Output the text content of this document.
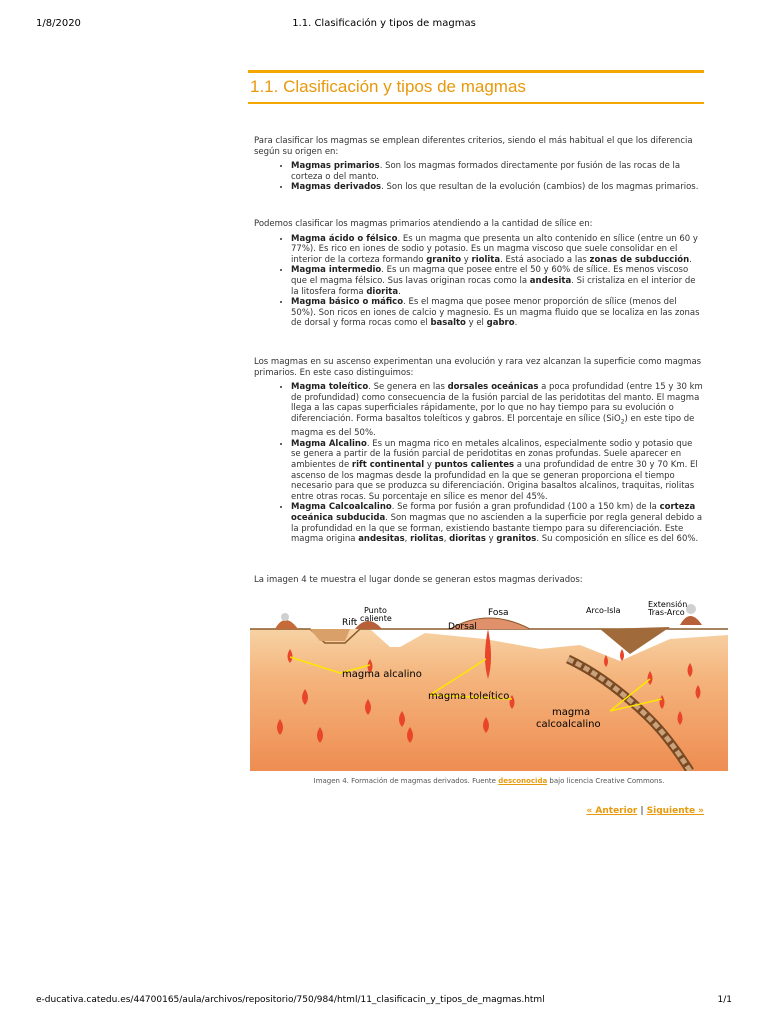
1/8/2020	1.1. Clasificación y tipos de magmas
1.1. Clasificación y tipos de magmas

Para clasificar los magmas se emplean diferentes criterios, siendo el más habitual el que los diferencia según su origen en:

• Magmas primarios. Son los magmas formados directamente por fusión de las rocas de la corteza o del manto.
• Magmas derivados. Son los que resultan de la evolución (cambios) de los magmas primarios.

Podemos clasificar los magmas primarios atendiendo a la cantidad de sílice en:

• Magma ácido o félsico. Es un magma que presenta un alto contenido en sílice (entre un 60 y 77%). Es rico en iones de sodio y potasio. Es un magma viscoso que suele consolidar en el interior de la corteza formando granito y riolita. Está asociado a las zonas de subducción.
• Magma intermedio. Es un magma que posee entre el 50 y 60% de sílice. Es menos viscoso que el magma félsico. Sus lavas originan rocas como la andesita. Si cristaliza en el interior de la litosfera forma diorita.
• Magma básico o máfico. Es el magma que posee menor proporción de sílice (menos del 50%). Son ricos en iones de calcio y magnesio. Es un magma fluido que se localiza en las zonas de dorsal y forma rocas como el basalto y el gabro.

Los magmas en su ascenso experimentan una evolución y rara vez alcanzan la superficie como magmas primarios. En este caso distinguimos:

• Magma toleítico. Se genera en las dorsales oceánicas a poca profundidad (entre 15 y 30 km de profundidad) como consecuencia de la fusión parcial de las peridotitas del manto. El magma llega a las capas superficiales rápidamente, por lo que no hay tiempo para su evolución o diferenciación. Forma basaltos toleíticos y gabros. El porcentaje en sílice (SiO$_2$) en este tipo de magma es del 50%.
• Magma Alcalino. Es un magma rico en metales alcalinos, especialmente sodio y potasio que se genera a partir de la fusión parcial de peridotitas en zonas profundas. Suele aparecer en ambientes de rift continental y puntos calientes a una profundidad de entre 30 y 70 Km. El ascenso de los magmas desde la profundidad en la que se generan proporciona el tiempo necesario para que se produzca su diferenciación. Origina basaltos alcalinos, traquitas, riolitas entre otras rocas. Su porcentaje en sílice es menor del 45%.
• Magma Calcoalcalino. Se forma por fusión a gran profundidad (100 a 150 km) de la corteza oceánica subducida. Son magmas que no ascienden a la superficie por regla general debido a la profundidad en la que se forman, existiendo bastante tiempo para su diferenciación. Este magma origina andesitas, riolitas, dioritas y granitos. Su composición en sílice es del 60%.

La imagen 4 te muestra el lugar donde se generan estos magmas derivados:

Rift
Punto
caliente
Dorsal
Fosa	Arco-Isla
Extensión
Tras-Arco
magma alcalino
magma toleítico
magma
calcoalcalino
Imagen 4. Formación de magmas derivados. Fuente desconocida bajo licencia Creative Commons.
« Anterior | Siguiente »
e-ducativa.catedu.es/44700165/aula/archivos/repositorio/750/984/html/11_clasificacin_y_tipos_de_magmas.html	1/1
